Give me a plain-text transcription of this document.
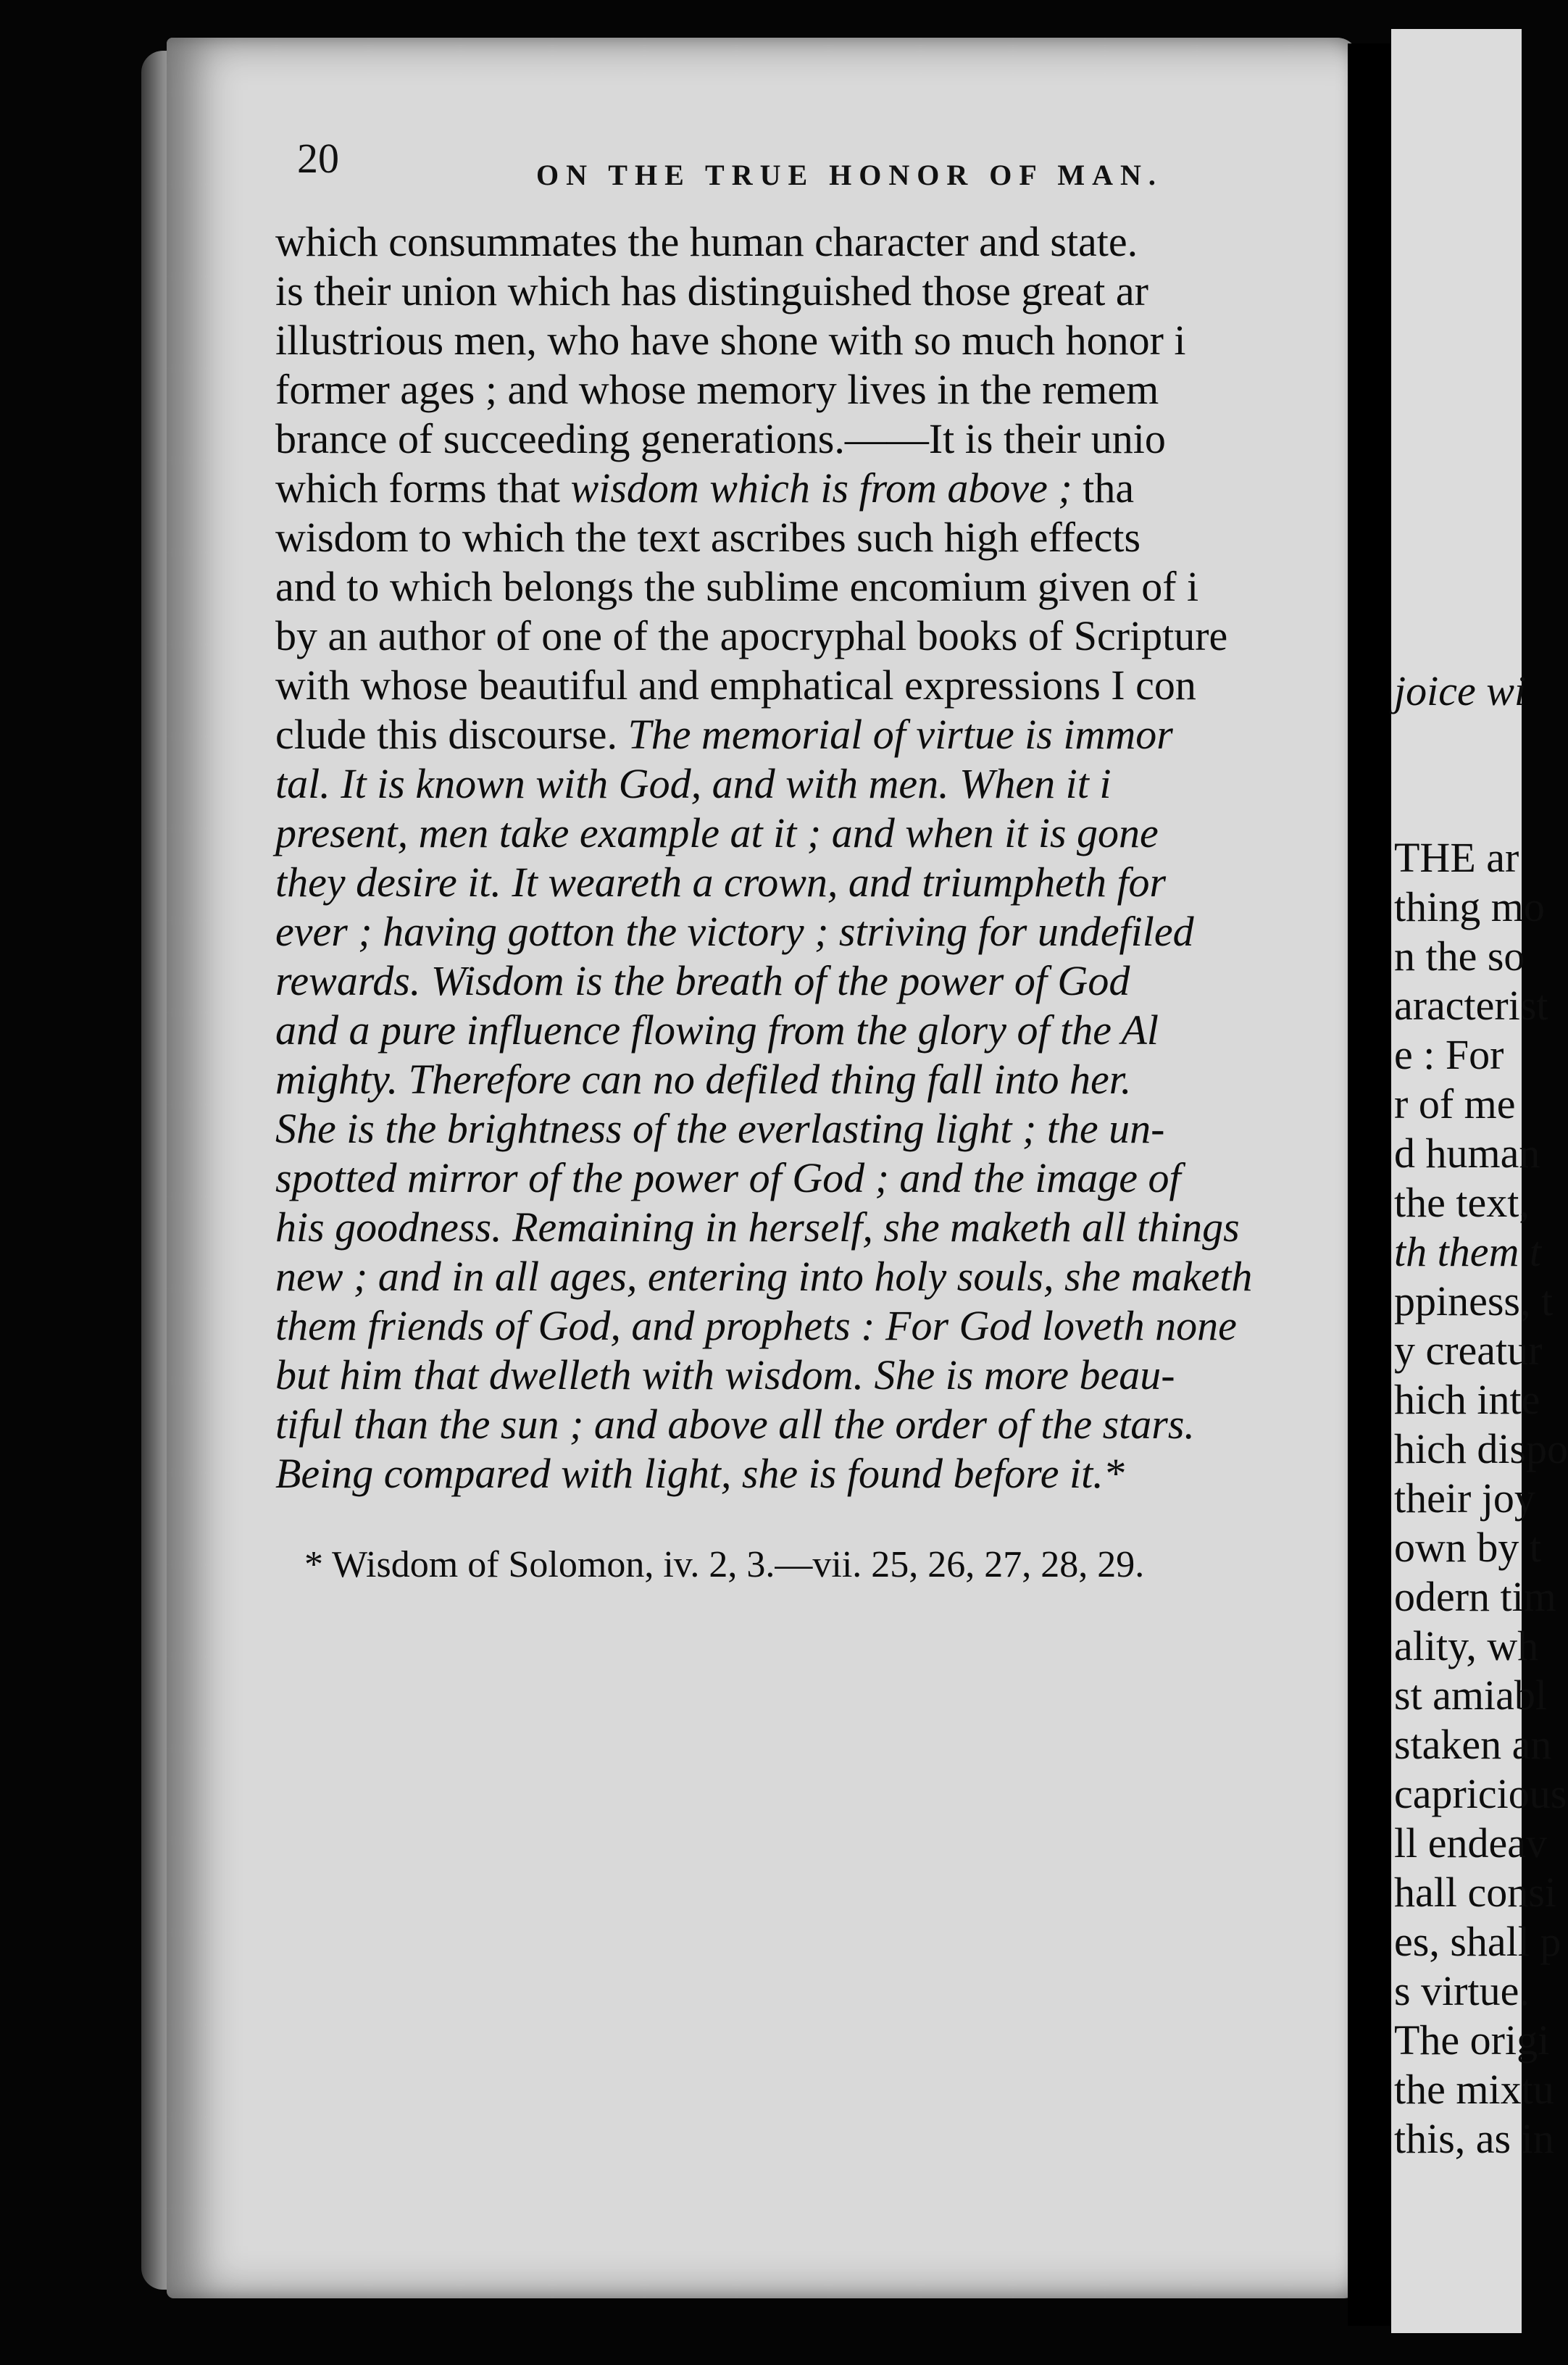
joice wi
THE ar
thing mo
n the so
aracterist
e : For
r of me
d human
the text,
th them t
ppiness, t
y creatur
hich inte
hich dispo
their joy
own by t
odern tim
ality, wh
st amiabl
staken an
capricious
ll endeav
hall consi
es, shall p
s virtue.
The origi
the mixtu
this, as in
20	ON THE TRUE HONOR OF MAN.
which consummates the human character and state.
is their union which has distinguished those great ar
illustrious men, who have shone with so much honor i
former ages ; and whose memory lives in the remem
brance of succeeding generations.——It is their unio
which forms that wisdom which is from above ; tha
wisdom to which the text ascribes such high effects
and to which belongs the sublime encomium given of i
by an author of one of the apocryphal books of Scripture
with whose beautiful and emphatical expressions I con
clude this discourse. The memorial of virtue is immor
tal. It is known with God, and with men. When it i
present, men take example at it ; and when it is gone
they desire it. It weareth a crown, and triumpheth for
ever ; having gotton the victory ; striving for undefiled
rewards. Wisdom is the breath of the power of God
and a pure influence flowing from the glory of the Al
mighty. Therefore can no defiled thing fall into her.
She is the brightness of the everlasting light ; the un-
spotted mirror of the power of God ; and the image of
his goodness. Remaining in herself, she maketh all things
new ; and in all ages, entering into holy souls, she maketh
them friends of God, and prophets : For God loveth none
but him that dwelleth with wisdom. She is more beau-
tiful than the sun ; and above all the order of the stars.
Being compared with light, she is found before it.*
* Wisdom of Solomon, iv. 2, 3.—vii. 25, 26, 27, 28, 29.
